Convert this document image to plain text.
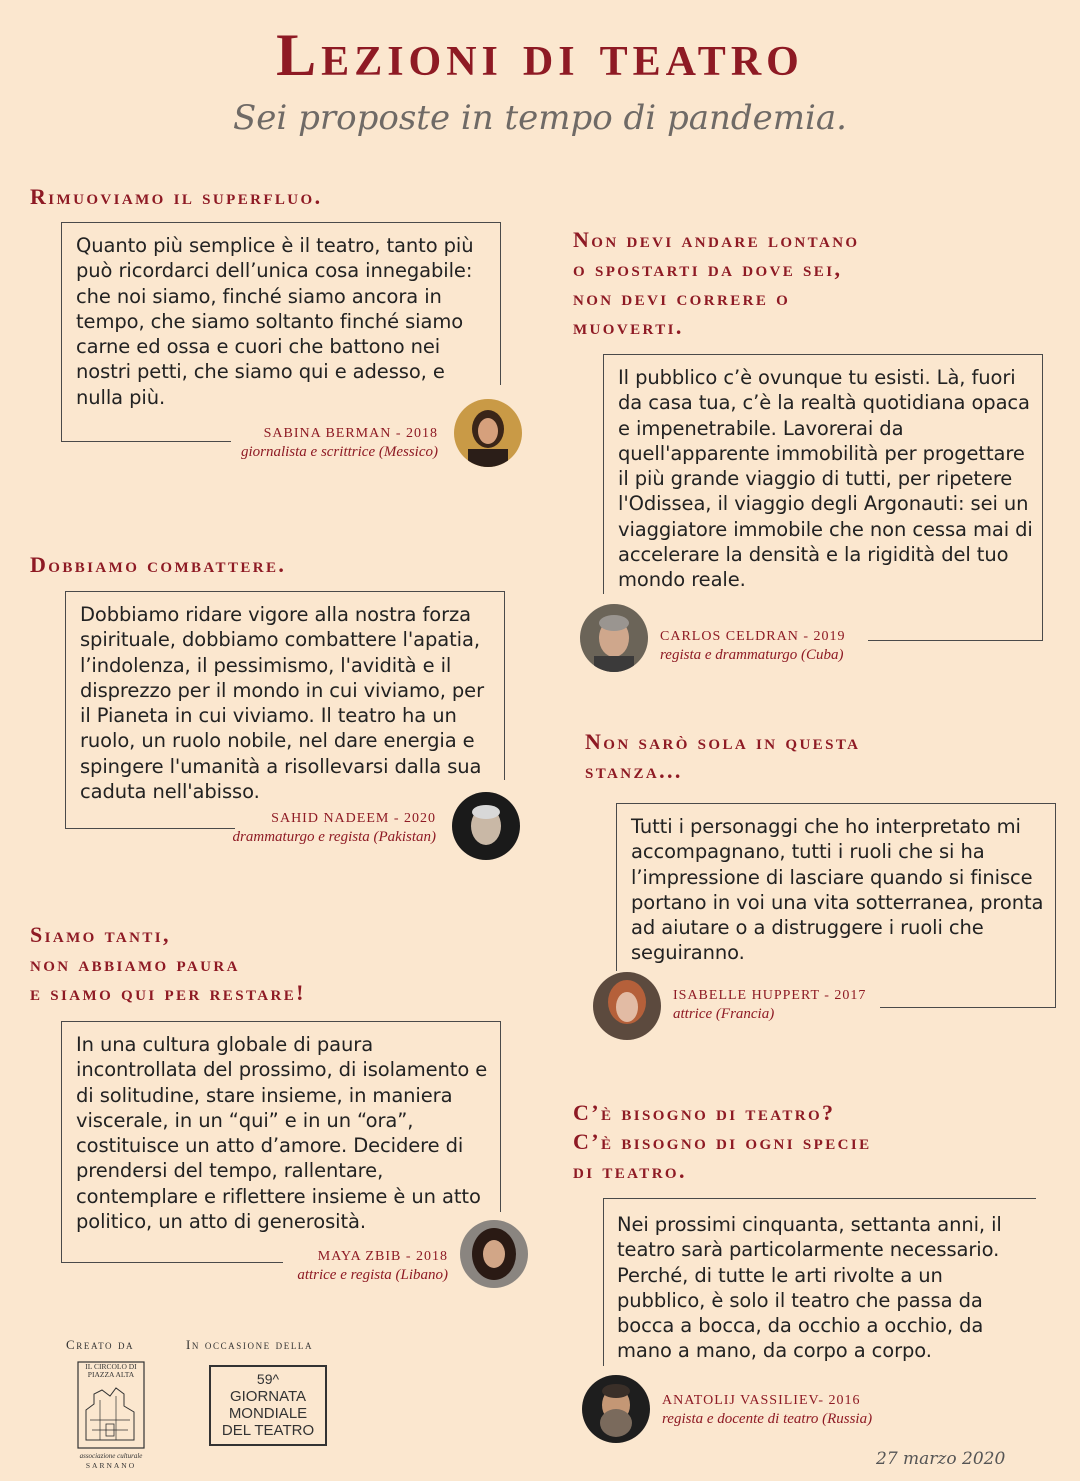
Lezioni di teatro
Sei proposte in tempo di pandemia.
Rimuoviamo il superfluo.
Quanto più semplice è il teatro, tanto più può ricordarci dell’unica cosa innegabile: che noi siamo, finché siamo ancora in tempo, che siamo soltanto finché siamo carne ed ossa e cuori che battono nei nostri petti, che siamo qui e adesso, e nulla più.
SABINA BERMAN - 2018
giornalista e scrittrice (Messico)
Dobbiamo combattere.
Dobbiamo ridare vigore alla nostra forza spirituale, dobbiamo combattere l'apatia, l’indolenza, il pessimismo, l'avidità e il disprezzo per il mondo in cui viviamo, per il Pianeta in cui viviamo. Il teatro ha un ruolo, un ruolo nobile, nel dare energia e spingere l'umanità a risollevarsi dalla sua caduta nell'abisso.
SAHID NADEEM - 2020
drammaturgo e regista (Pakistan)
Siamo tanti,
non abbiamo paura
e siamo qui per restare!
In una cultura globale di paura incontrollata del prossimo, di isolamento e di solitudine, stare insieme, in maniera viscerale, in un “qui” e in un “ora”, costituisce un atto d’amore. Decidere di prendersi del tempo, rallentare, contemplare e riflettere insieme è un atto politico, un atto di generosità.
MAYA ZBIB - 2018
attrice e regista (Libano)
Non devi andare lontano
o spostarti da dove sei,
non devi correre o
muoverti.
Il pubblico c’è ovunque tu esisti. Là, fuori da casa tua, c’è la realtà quotidiana opaca e impenetrabile. Lavorerai da quell'apparente immobilità per progettare il più grande viaggio di tutti, per ripetere l'Odissea, il viaggio degli Argonauti: sei un viaggiatore immobile che non cessa mai di accelerare la densità e la rigidità del tuo mondo reale.
CARLOS CELDRAN - 2019
regista e drammaturgo (Cuba)
Non sarò sola in questa
stanza...
Tutti i personaggi che ho interpretato mi accompagnano, tutti i ruoli che si ha l’impressione di lasciare quando si finisce portano in voi una vita sotterranea, pronta ad aiutare o a distruggere i ruoli che seguiranno.
ISABELLE HUPPERT - 2017
attrice (Francia)
C’è bisogno di teatro?
C’è bisogno di ogni specie
di teatro.
Nei prossimi cinquanta, settanta anni, il teatro sarà particolarmente necessario. Perché, di tutte le arti rivolte a un pubblico, è solo il teatro che passa da bocca a bocca, da occhio a occhio, da mano a mano, da corpo a corpo.
ANATOLIJ VASSILIEV- 2016
regista e docente di teatro (Russia)
Creato da	In occasione della
IL CIRCOLO DI PIAZZA ALTA
associazione culturale
SARNANO
59^
GIORNATA
MONDIALE
DEL TEATRO
27 marzo 2020
